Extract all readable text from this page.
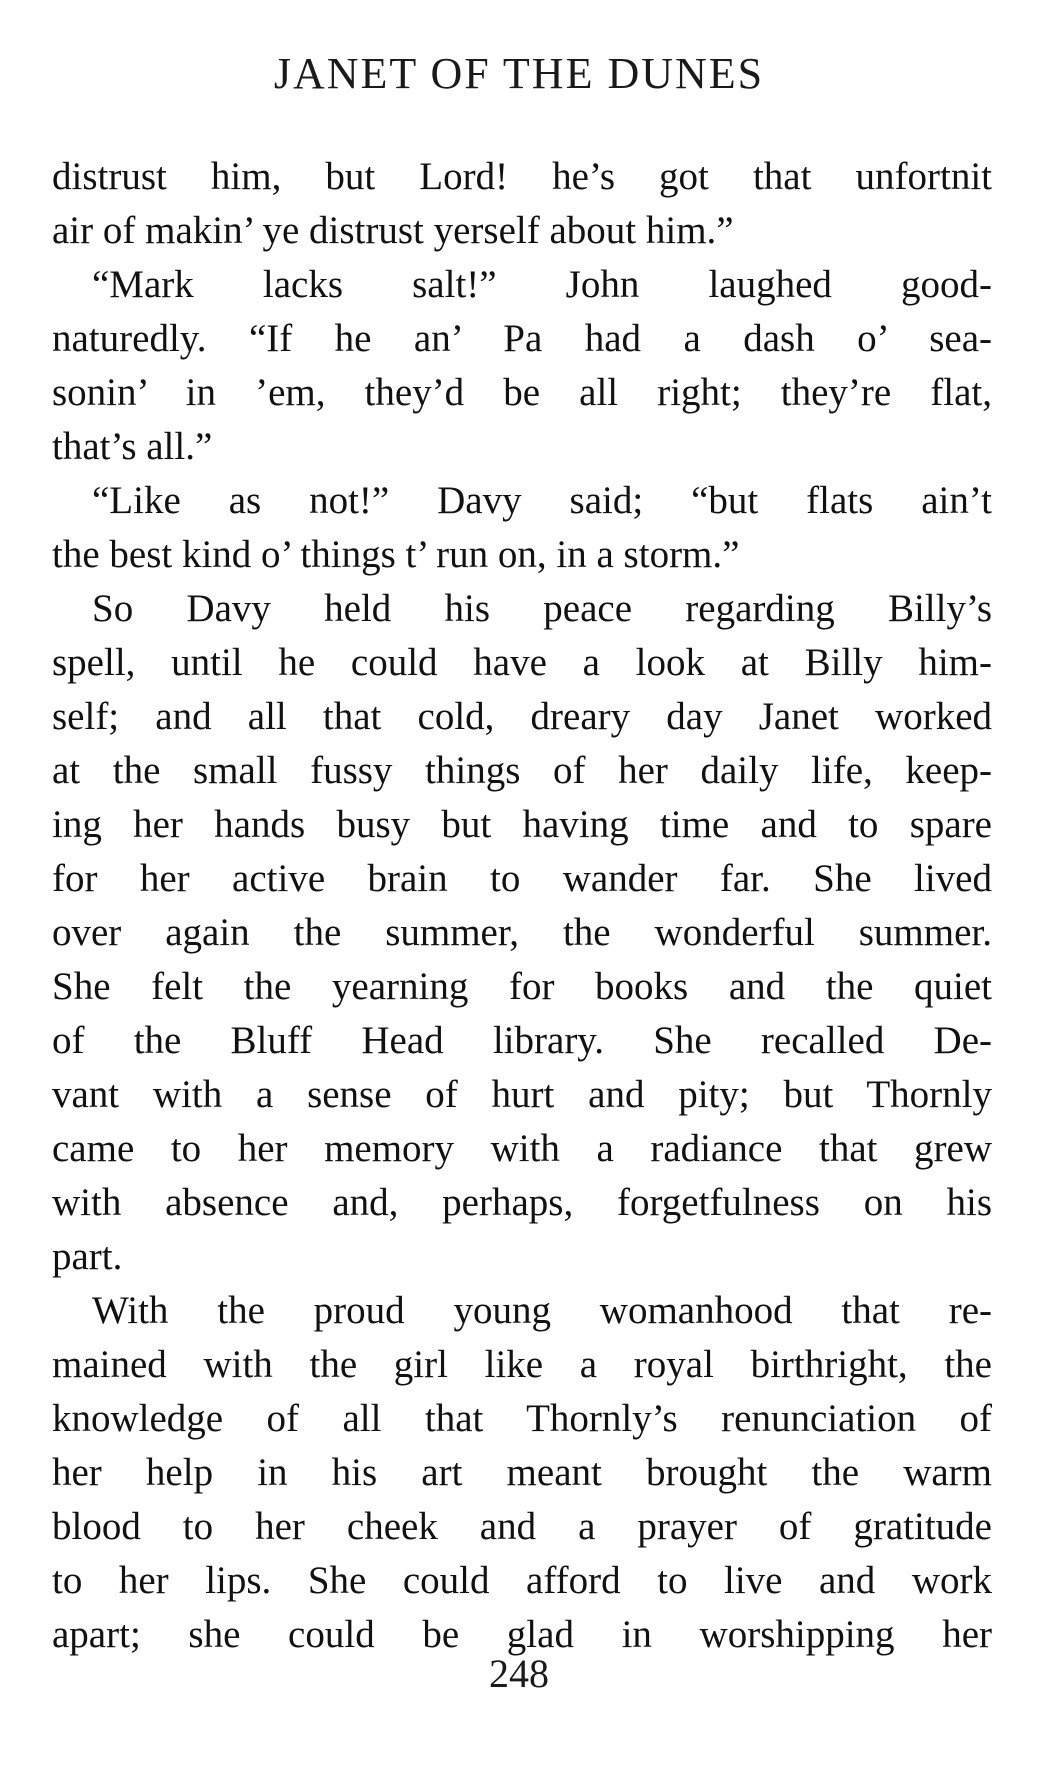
JANET OF THE DUNES
distrust him, but Lord! he’s got that unfortnit
air of makin’ ye distrust yerself about him.”
“Mark lacks salt!” John laughed good-
naturedly. “If he an’ Pa had a dash o’ sea-
sonin’ in ’em, they’d be all right; they’re flat,
that’s all.”
“Like as not!” Davy said; “but flats ain’t
the best kind o’ things t’ run on, in a storm.”
So Davy held his peace regarding Billy’s
spell, until he could have a look at Billy him-
self; and all that cold, dreary day Janet worked
at the small fussy things of her daily life, keep-
ing her hands busy but having time and to spare
for her active brain to wander far. She lived
over again the summer, the wonderful summer.
She felt the yearning for books and the quiet
of the Bluff Head library. She recalled De-
vant with a sense of hurt and pity; but Thornly
came to her memory with a radiance that grew
with absence and, perhaps, forgetfulness on his
part.
With the proud young womanhood that re-
mained with the girl like a royal birthright, the
knowledge of all that Thornly’s renunciation of
her help in his art meant brought the warm
blood to her cheek and a prayer of gratitude
to her lips. She could afford to live and work
apart; she could be glad in worshipping her
248
